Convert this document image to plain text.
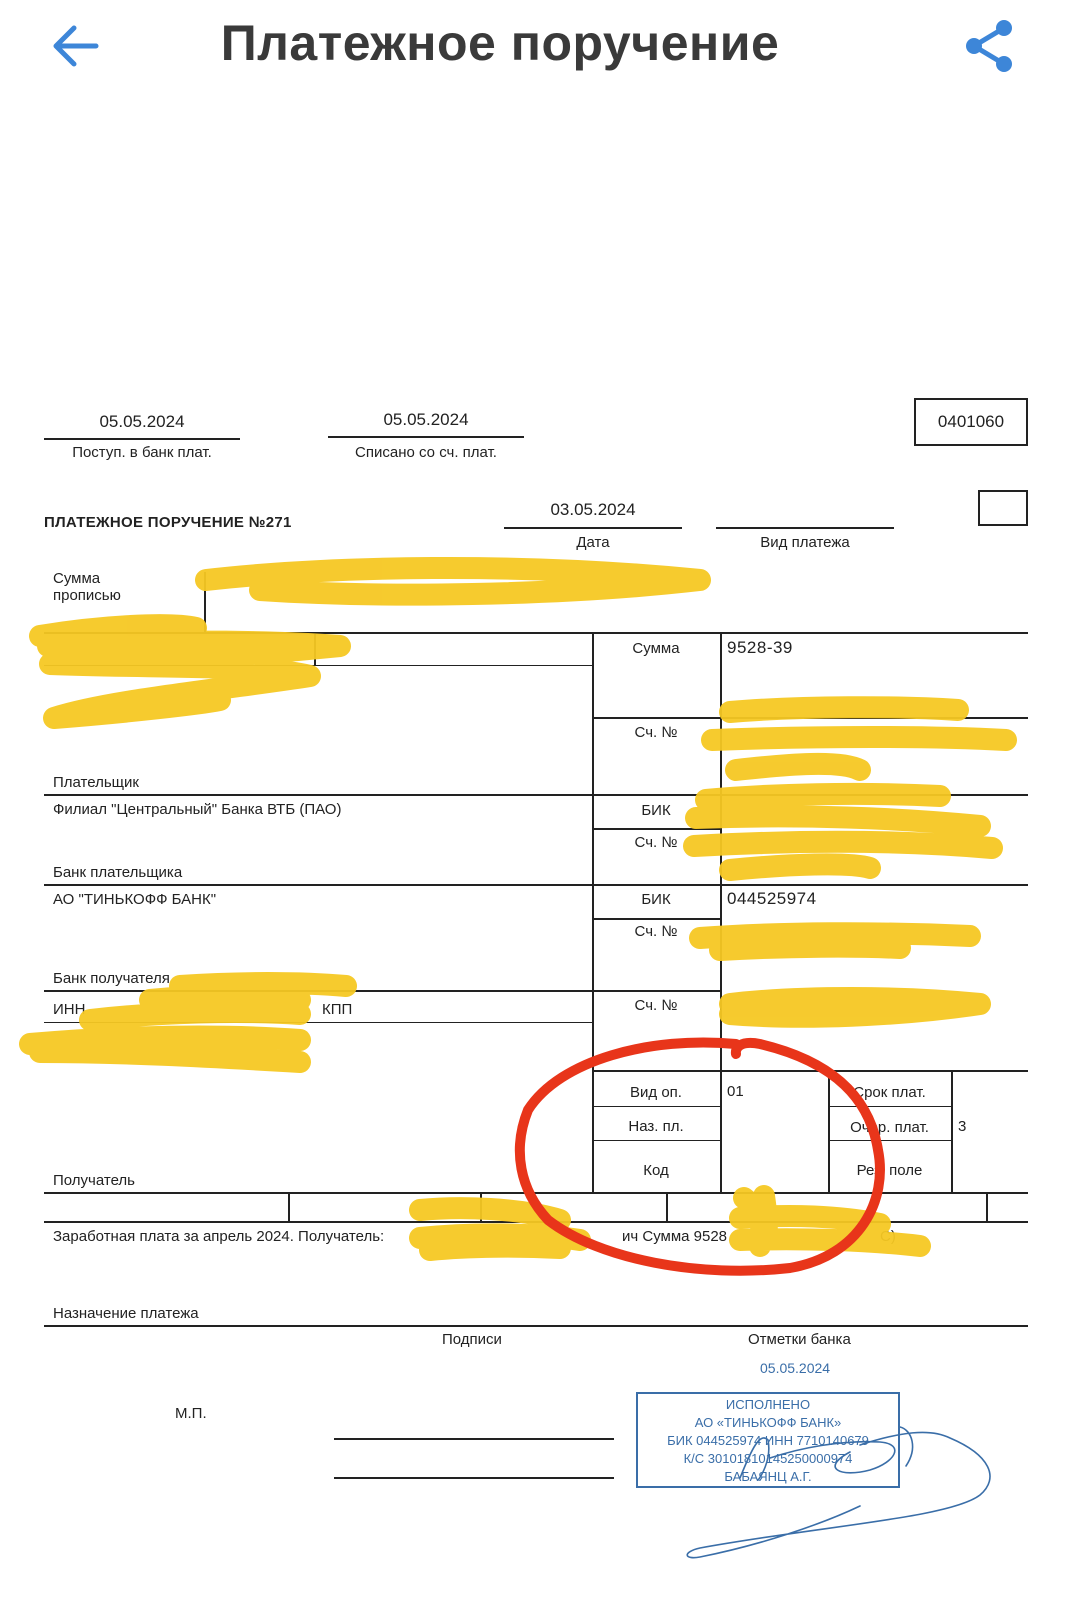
Платежное поручение
05.05.2024
Поступ. в банк плат.
05.05.2024
Списано со сч. плат.
0401060
ПЛАТЕЖНОЕ ПОРУЧЕНИЕ №271
03.05.2024
Дата	Вид платежа
Сумма
прописью
Сумма	9528-39
Сч. №
Плательщик
Филиал "Центральный" Банка ВТБ (ПАО)	БИК
Сч. №
Банк плательщика
АО "ТИНЬКОФФ БАНК"	БИК	044525974
Сч. №
Банк получателя
ИНН	КПП	Сч. №
Вид оп.	01	Срок плат.
Наз. пл.	Очер. плат.	3
Код	Рез. поле
Получатель
Заработная плата за апрель 2024. Получатель:	ич Сумма 9528	С)
Назначение платежа
Подписи	Отметки банка
М.П.
05.05.2024
ИСПОЛНЕНО
АО «ТИНЬКОФФ БАНК»
БИК 044525974 ИНН 7710140679
К/С 30101810145250000974
БАБАЯНЦ А.Г.
